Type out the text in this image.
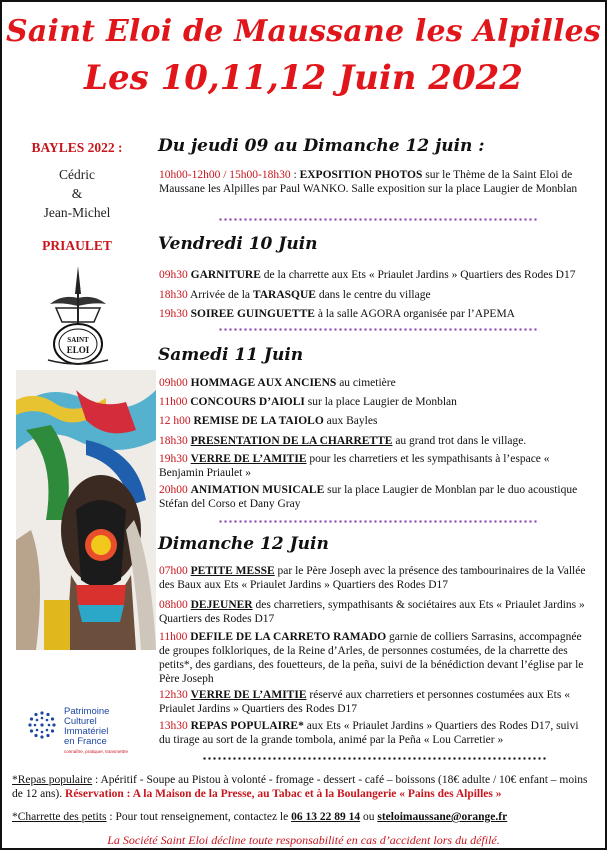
Saint Eloi de Maussane les Alpilles
Les 10,11,12 Juin 2022
BAYLES 2022 :
Cédric
&
Jean-Michel
PRIAULET
SAINT
ELOI
Patrimoine
Culturel
Immatériel
en France
connaître, pratiquer, transmettre
Du jeudi 09 au Dimanche 12 juin :
10h00-12h00 / 15h00-18h30 : EXPOSITION PHOTOS sur le Thème de la Saint Eloi de Maussane les Alpilles par Paul WANKO. Salle exposition sur la place Laugier de Monblan
Vendredi 10 Juin
09h30 GARNITURE de la charrette aux Ets « Priaulet Jardins » Quartiers des Rodes D17
18h30 Arrivée de la TARASQUE dans le centre du village
19h30 SOIREE GUINGUETTE à la salle AGORA organisée par l’APEMA
Samedi 11 Juin
09h00 HOMMAGE AUX ANCIENS au cimetière
11h00 CONCOURS D’AIOLI sur la place Laugier de Monblan
12 h00 REMISE DE LA TAIOLO aux Bayles
18h30 PRESENTATION DE LA CHARRETTE au grand trot dans le village.
19h30 VERRE DE L’AMITIE pour les charretiers et les sympathisants à l’espace « Benjamin Priaulet »
20h00 ANIMATION MUSICALE sur la place Laugier de Monblan par le duo acoustique Stéfan del Corso et Dany Gray
Dimanche 12 Juin
07h00 PETITE MESSE par le Père Joseph avec la présence des tambourinaires de la Vallée des Baux aux Ets « Priaulet Jardins » Quartiers des Rodes D17
08h00 DEJEUNER des charretiers, sympathisants & sociétaires aux Ets « Priaulet Jardins » Quartiers des Rodes D17
11h00 DEFILE DE LA CARRETO RAMADO garnie de colliers Sarrasins, accompagnée de groupes folkloriques, de la Reine d’Arles, de personnes costumées, de la charrette des petits*, des gardians, des fouetteurs, de la peña, suivi de la bénédiction devant l’église par le Père Joseph
12h30 VERRE DE L’AMITIE réservé aux charretiers et personnes costumées aux Ets « Priaulet Jardins » Quartiers des Rodes D17
13h30 REPAS POPULAIRE* aux Ets « Priaulet Jardins » Quartiers des Rodes D17, suivi du tirage au sort de la grande tombola, animé par la Peña « Lou Carretier »
*Repas populaire : Apéritif - Soupe au Pistou à volonté - fromage - dessert - café – boissons (18€ adulte / 10€ enfant – moins de 12 ans). Réservation : A la Maison de la Presse, au Tabac et à la Boulangerie « Pains des Alpilles »
*Charrette des petits : Pour tout renseignement, contactez le 06 13 22 89 14 ou steloimaussane@orange.fr
La Société Saint Eloi décline toute responsabilité en cas d’accident lors du défilé.
